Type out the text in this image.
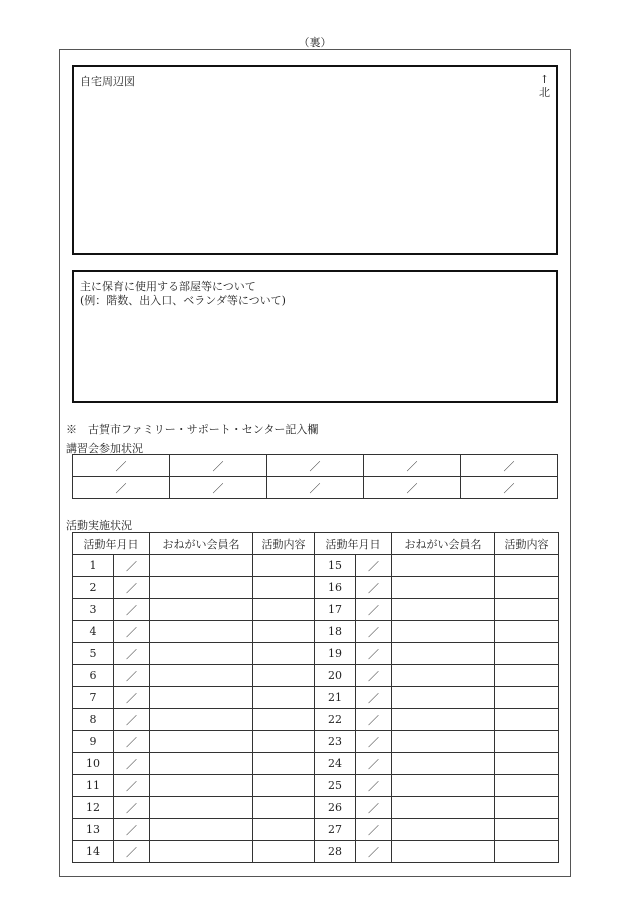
（裏）
自宅周辺図	↑
北
主に保育に使用する部屋等について
(例：階数、出入口、ベランダ等について)
※　古賀市ファミリー・サポート・センター記入欄
講習会参加状況
／	／	／	／	／
／	／	／	／	／
活動実施状況
活動年月日		おねがい会員名	活動内容	活動年月日		おねがい会員名	活動内容
1	／			15	／		
2	／			16	／		
3	／			17	／		
4	／			18	／		
5	／			19	／		
6	／			20	／		
7	／			21	／		
8	／			22	／		
9	／			23	／		
10	／			24	／		
11	／			25	／		
12	／			26	／		
13	／			27	／		
14	／			28	／		
